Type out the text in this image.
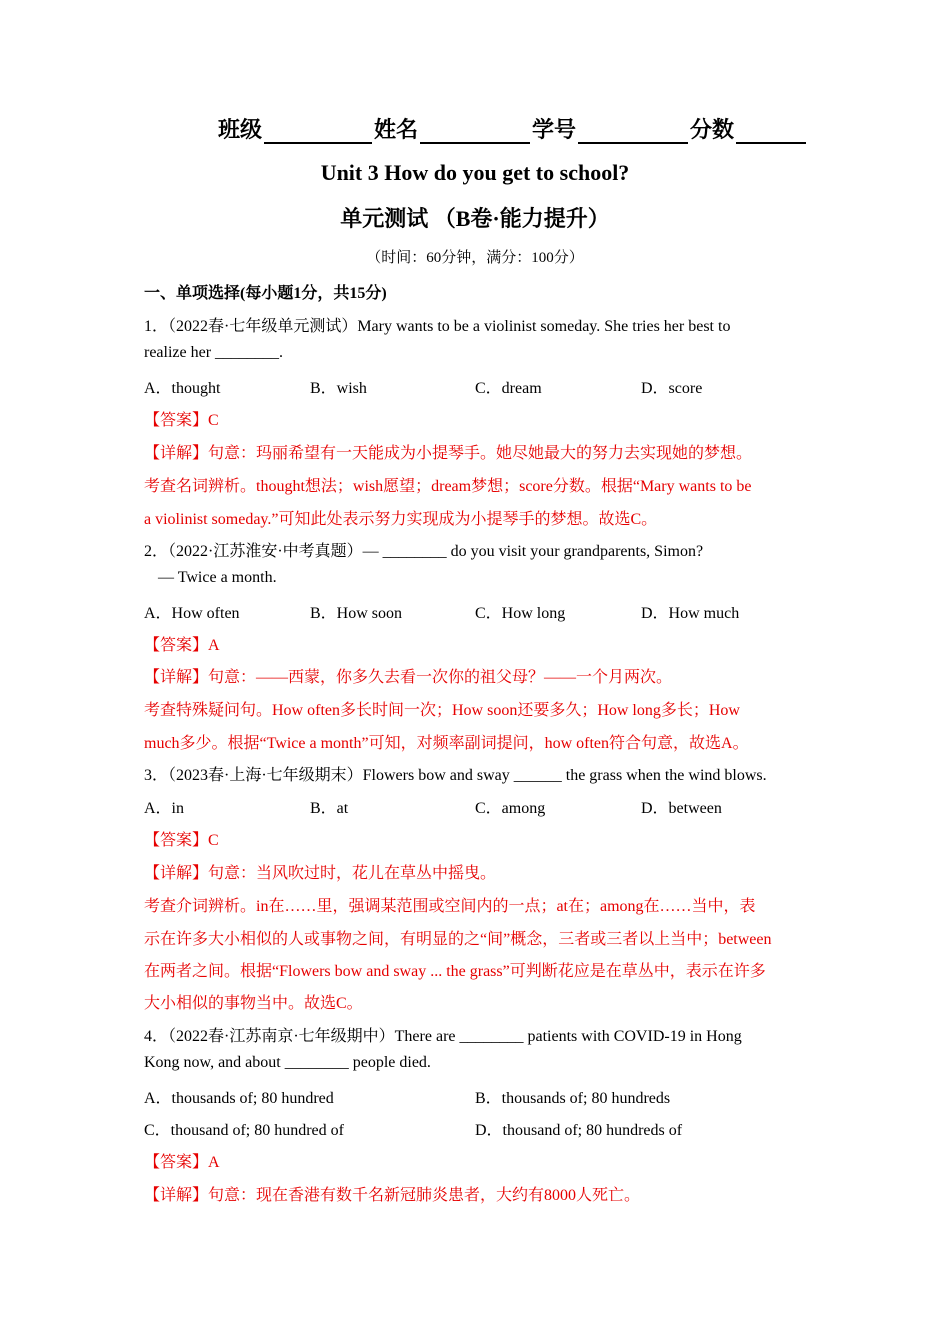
班级	姓名	学号	分数
Unit 3 How do you get to school?
单元测试 （B卷·能力提升）
（时间：60分钟，满分：100分）
一、单项选择(每小题1分，共15分)
1．（2022春·七年级单元测试）Mary wants to be a violinist someday. She tries her best to
realize her ________.
A．thought	B．wish	C．dream	D．score
【答案】C
【详解】句意：玛丽希望有一天能成为小提琴手。她尽她最大的努力去实现她的梦想。
考查名词辨析。thought想法；wish愿望；dream梦想；score分数。根据“Mary wants to be
a violinist someday.”可知此处表示努力实现成为小提琴手的梦想。故选C。
2．（2022·江苏淮安·中考真题）— ________ do you visit your grandparents, Simon?
— Twice a month.
A．How often	B．How soon	C．How long	D．How much
【答案】A
【详解】句意：——西蒙，你多久去看一次你的祖父母？——一个月两次。
考查特殊疑问句。How often多长时间一次；How soon还要多久；How long多长；How
much多少。根据“Twice a month”可知，对频率副词提问，how often符合句意，故选A。
3．（2023春·上海·七年级期末）Flowers bow and sway ______ the grass when the wind blows.
A．in	B．at	C．among	D．between
【答案】C
【详解】句意：当风吹过时，花儿在草丛中摇曳。
考查介词辨析。in在……里，强调某范围或空间内的一点；at在；among在……当中，表
示在许多大小相似的人或事物之间，有明显的之“间”概念，三者或三者以上当中；between
在两者之间。根据“Flowers bow and sway ... the grass”可判断花应是在草丛中，表示在许多
大小相似的事物当中。故选C。
4．（2022春·江苏南京·七年级期中）There are ________ patients with COVID-19 in Hong
Kong now, and about ________ people died.
A．thousands of; 80 hundred	B．thousands of; 80 hundreds
C．thousand of; 80 hundred of	D．thousand of; 80 hundreds of
【答案】A
【详解】句意：现在香港有数千名新冠肺炎患者，大约有8000人死亡。
